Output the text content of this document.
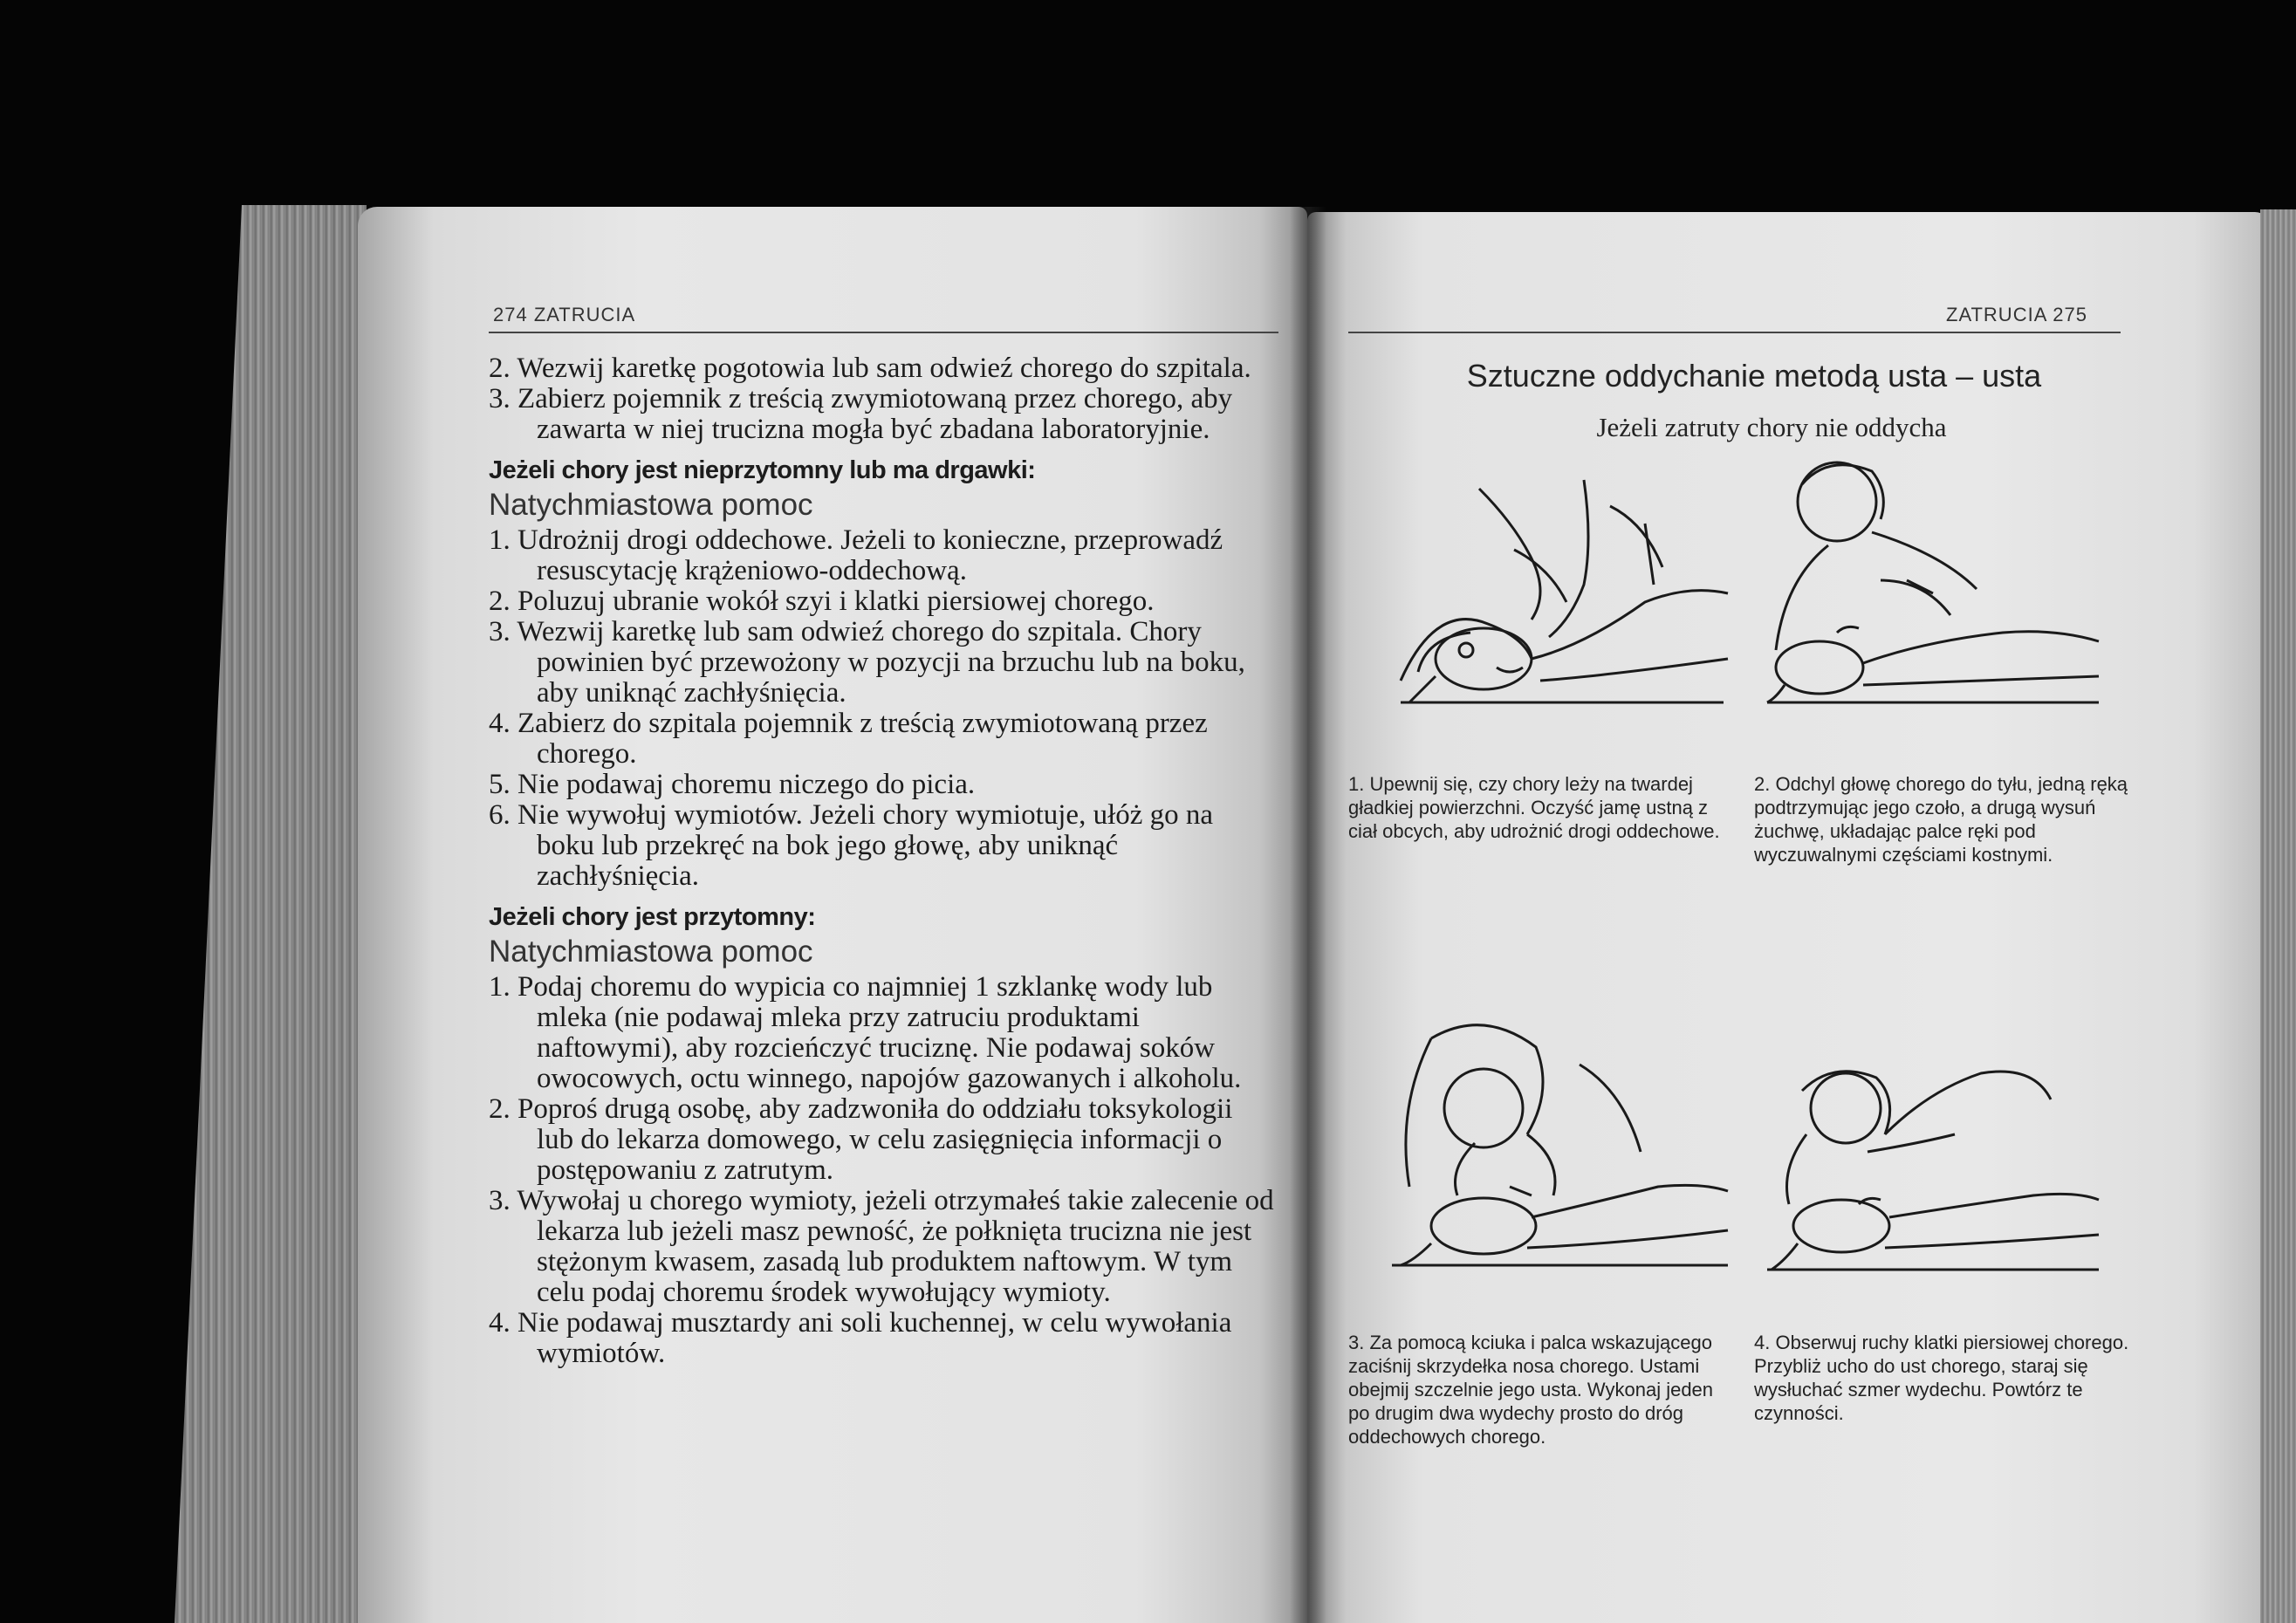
274 ZATRUCIA
2. Wezwij karetkę pogotowia lub sam odwieź chorego do szpitala.
3. Zabierz pojemnik z treścią zwymiotowaną przez chorego, aby zawarta w niej trucizna mogła być zbadana laboratoryjnie.
Jeżeli chory jest nieprzytomny lub ma drgawki:
Natychmiastowa pomoc
1. Udrożnij drogi oddechowe. Jeżeli to konieczne, przeprowadź resuscytację krążeniowo-oddechową.
2. Poluzuj ubranie wokół szyi i klatki piersiowej chorego.
3. Wezwij karetkę lub sam odwieź chorego do szpitala. Chory powinien być przewożony w pozycji na brzuchu lub na boku, aby uniknąć zachłyśnięcia.
4. Zabierz do szpitala pojemnik z treścią zwymiotowaną przez chorego.
5. Nie podawaj choremu niczego do picia.
6. Nie wywołuj wymiotów. Jeżeli chory wymiotuje, ułóż go na boku lub przekręć na bok jego głowę, aby uniknąć zachłyśnięcia.
Jeżeli chory jest przytomny:
Natychmiastowa pomoc
1. Podaj choremu do wypicia co najmniej 1 szklankę wody lub mleka (nie podawaj mleka przy zatruciu produktami naftowymi), aby rozcieńczyć truciznę. Nie podawaj soków owocowych, octu winnego, napojów gazowanych i alkoholu.
2. Poproś drugą osobę, aby zadzwoniła do oddziału toksykologii lub do lekarza domowego, w celu zasięgnięcia informacji o postępowaniu z zatrutym.
3. Wywołaj u chorego wymioty, jeżeli otrzymałeś takie zalecenie od lekarza lub jeżeli masz pewność, że połknięta trucizna nie jest stężonym kwasem, zasadą lub produktem naftowym. W tym celu podaj choremu środek wywołujący wymioty.
4. Nie podawaj musztardy ani soli kuchennej, w celu wywołania wymiotów.
ZATRUCIA 275
Sztuczne oddychanie metodą usta – usta
Jeżeli zatruty chory nie oddycha
1. Upewnij się, czy chory leży na twardej gładkiej powierzchni. Oczyść jamę ustną z ciał obcych, aby udrożnić drogi oddechowe.
2. Odchyl głowę chorego do tyłu, jedną ręką podtrzymując jego czoło, a drugą wysuń żuchwę, układając palce ręki pod wyczuwalnymi częściami kostnymi.
3. Za pomocą kciuka i palca wskazującego zaciśnij skrzydełka nosa chorego. Ustami obejmij szczelnie jego usta. Wykonaj jeden po drugim dwa wydechy prosto do dróg oddechowych chorego.
4. Obserwuj ruchy klatki piersiowej chorego. Przybliż ucho do ust chorego, staraj się wysłuchać szmer wydechu. Powtórz te czynności.
